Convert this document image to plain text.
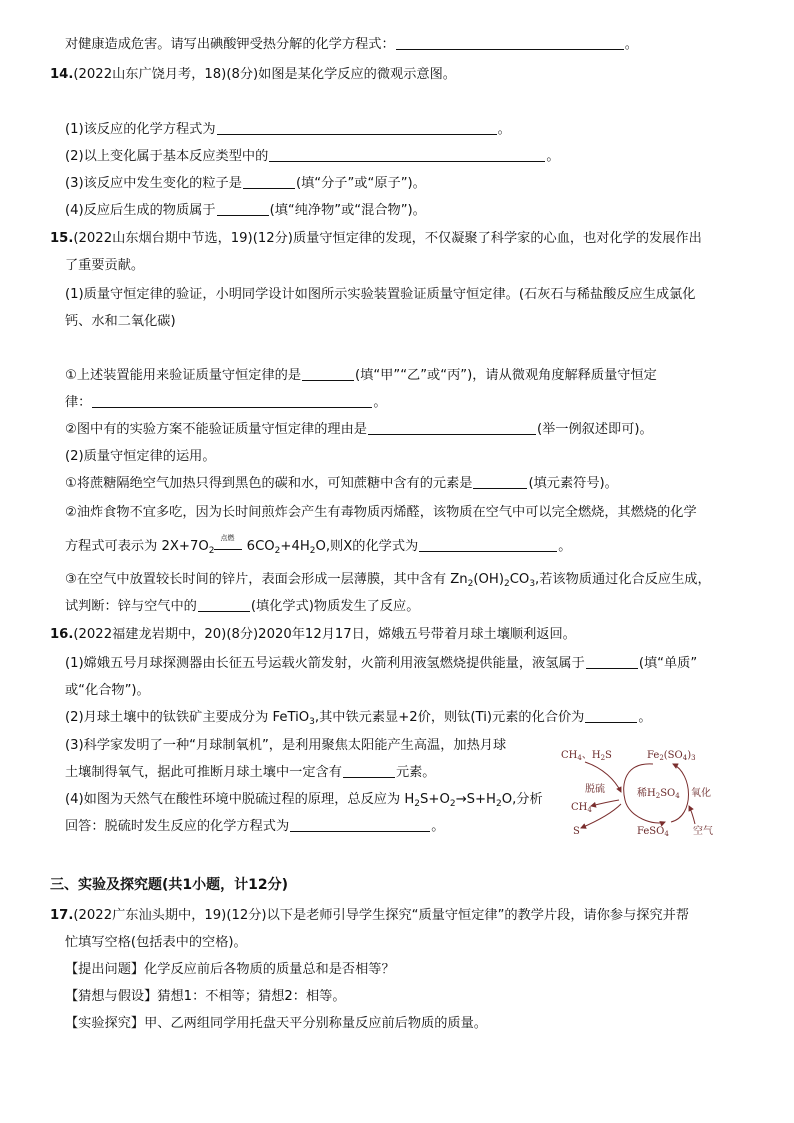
对健康造成危害。请写出碘酸钾受热分解的化学方程式：	。
14.(2022山东广饶月考，18)(8分)如图是某化学反应的微观示意图。
(1)该反应的化学方程式为	。
(2)以上变化属于基本反应类型中的	。
(3)该反应中发生变化的粒子是	(填“分子”或“原子”)。
(4)反应后生成的物质属于	(填“纯净物”或“混合物”)。
15.(2022山东烟台期中节选，19)(12分)质量守恒定律的发现，不仅凝聚了科学家的心血，也对化学的发展作出
了重要贡献。
(1)质量守恒定律的验证，小明同学设计如图所示实验装置验证质量守恒定律。(石灰石与稀盐酸反应生成氯化
钙、水和二氧化碳)
①上述装置能用来验证质量守恒定律的是	(填“甲”“乙”或“丙”)，请从微观角度解释质量守恒定
律：	。
②图中有的实验方案不能验证质量守恒定律的理由是	(举一例叙述即可)。
(2)质量守恒定律的运用。
①将蔗糖隔绝空气加热只得到黑色的碳和水，可知蔗糖中含有的元素是	(填元素符号)。
②油炸食物不宜多吃，因为长时间煎炸会产生有毒物质丙烯醛，该物质在空气中可以完全燃烧，其燃烧的化学
方程式可表示为 $2X+7O_2$
点燃
$6CO_2+4H_2O$,则X的化学式为	。
③在空气中放置较长时间的锌片，表面会形成一层薄膜，其中含有 $Zn_2(OH)_2CO_3$,若该物质通过化合反应生成，
试判断：锌与空气中的	(填化学式)物质发生了反应。
16.(2022福建龙岩期中，20)(8分)2020年12月17日，嫦娥五号带着月球土壤顺利返回。
(1)嫦娥五号月球探测器由长征五号运载火箭发射，火箭利用液氢燃烧提供能量，液氢属于	(填“单质”
或“化合物”)。
(2)月球土壤中的钛铁矿主要成分为 FeTiO$_3$,其中铁元素显+2价，则钛(Ti)元素的化合价为	。
(3)科学家发明了一种“月球制氧机”，是利用聚焦太阳能产生高温，加热月球
土壤制得氧气，据此可推断月球土壤中一定含有	元素。
(4)如图为天然气在酸性环境中脱硫过程的原理，总反应为 $H_2S+O_2\to S+H_2O$,分析
回答：脱硫时发生反应的化学方程式为	。
$CH_4$、$H_2S$	$Fe_2(SO_4)_3$
脱硫	稀$H_2SO_4$ 氧化
$CH_4$
S	FeSO$_4$ 空气
三、实验及探究题(共1小题，计12分)
17.(2022广东汕头期中，19)(12分)以下是老师引导学生探究“质量守恒定律”的教学片段，请你参与探究并帮
忙填写空格(包括表中的空格)。
【提出问题】化学反应前后各物质的质量总和是否相等？
【猜想与假设】猜想1：不相等；猜想2：相等。
【实验探究】甲、乙两组同学用托盘天平分别称量反应前后物质的质量。
